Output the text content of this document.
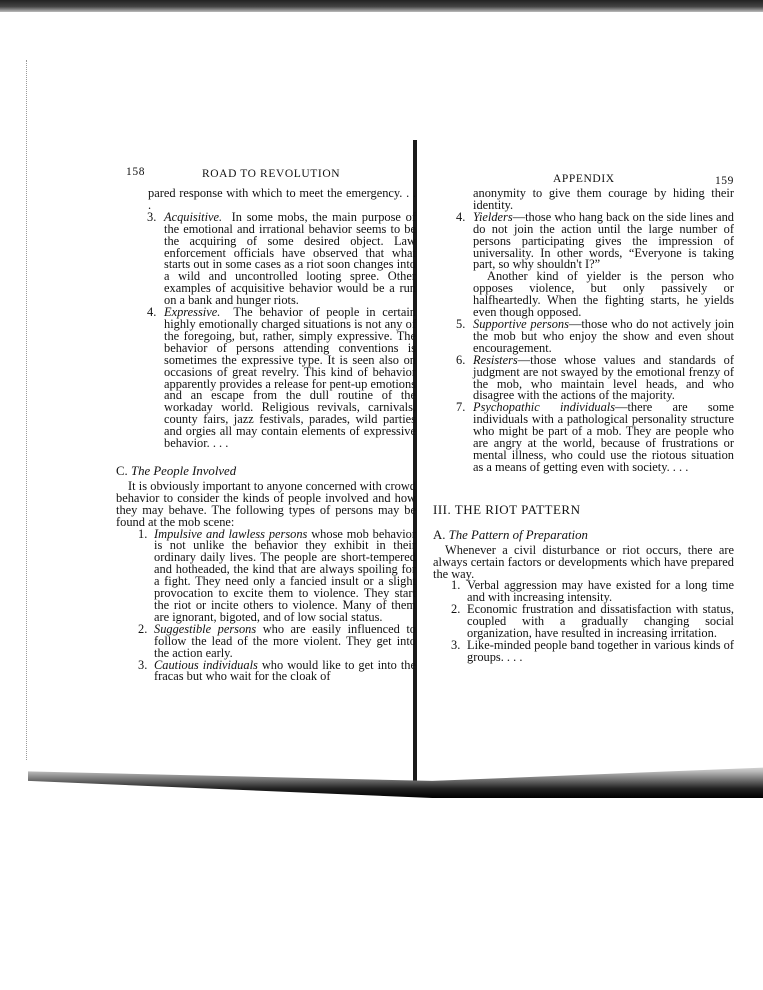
158	ROAD TO REVOLUTION

pared response with which to meet the emergency. . . .

3. Acquisitive. In some mobs, the main purpose of the emotional and irrational behavior seems to be the acquiring of some desired object. Law enforcement officials have observed that what starts out in some cases as a riot soon changes into a wild and uncontrolled looting spree. Other examples of acquisitive behavior would be a run on a bank and hunger riots.

4. Expressive. The behavior of people in certain highly emotionally charged situations is not any of the foregoing, but, rather, simply expressive. The behavior of persons attending conventions is sometimes the expressive type. It is seen also on occasions of great revelry. This kind of behavior apparently provides a release for pent-up emotions and an escape from the dull routine of the workaday world. Religious revivals, carnivals, county fairs, jazz festivals, parades, wild parties and orgies all may contain elements of expressive behavior. . . .

C. The People Involved

It is obviously important to anyone concerned with crowd behavior to consider the kinds of people involved and how they may behave. The following types of persons may be found at the mob scene:

1. Impulsive and lawless persons whose mob behavior is not unlike the behavior they exhibit in their ordinary daily lives. The people are short-tempered and hotheaded, the kind that are always spoiling for a fight. They need only a fancied insult or a slight provocation to excite them to violence. They start the riot or incite others to violence. Many of them are ignorant, bigoted, and of low social status.

2. Suggestible persons who are easily influenced to follow the lead of the more violent. They get into the action early.

3. Cautious individuals who would like to get into the fracas but who wait for the cloak of

APPENDIX	159

anonymity to give them courage by hiding their identity.

4. Yielders—those who hang back on the side lines and do not join the action until the large number of persons participating gives the impression of universality. In other words, “Everyone is taking part, so why shouldn't I?”
Another kind of yielder is the person who opposes violence, but only passively or halfheartedly. When the fighting starts, he yields even though opposed.

5. Supportive persons—those who do not actively join the mob but who enjoy the show and even shout encouragement.

6. Resisters—those whose values and standards of judgment are not swayed by the emotional frenzy of the mob, who maintain level heads, and who disagree with the actions of the majority.

7. Psychopathic individuals—there are some individuals with a pathological personality structure who might be part of a mob. They are people who are angry at the world, because of frustrations or mental illness, who could use the riotous situation as a means of getting even with society. . . .

III. THE RIOT PATTERN

A. The Pattern of Preparation

Whenever a civil disturbance or riot occurs, there are always certain factors or developments which have prepared the way.

1. Verbal aggression may have existed for a long time and with increasing intensity.

2. Economic frustration and dissatisfaction with status, coupled with a gradually changing social organization, have resulted in increasing irritation.

3. Like-minded people band together in various kinds of groups. . . .
